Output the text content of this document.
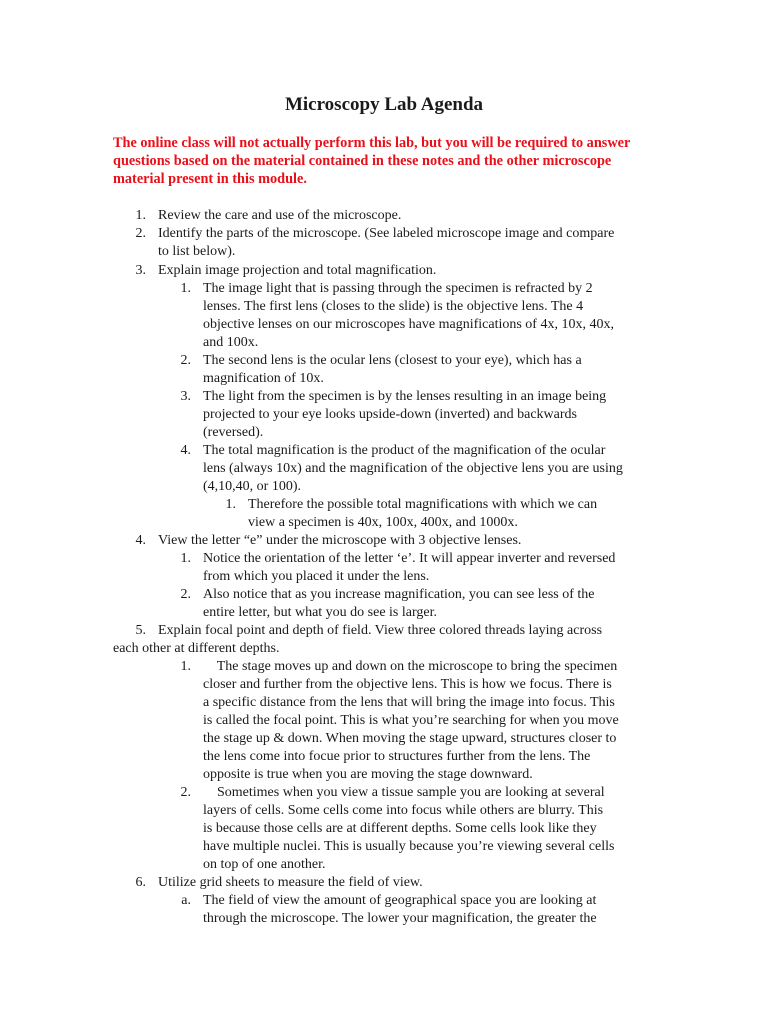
Microscopy Lab Agenda
The online class will not actually perform this lab, but you will be required to answer questions based on the material contained in these notes and the other microscope material present in this module.
1. Review the care and use of the microscope.
2. Identify the parts of the microscope. (See labeled microscope image and compare
to list below).
3. Explain image projection and total magnification.
1. The image light that is passing through the specimen is refracted by 2
lenses. The first lens (closes to the slide) is the objective lens. The 4
objective lenses on our microscopes have magnifications of 4x, 10x, 40x,
and 100x.
2. The second lens is the ocular lens (closest to your eye), which has a
magnification of 10x.
3. The light from the specimen is by the lenses resulting in an image being
projected to your eye looks upside-down (inverted) and backwards
(reversed).
4. The total magnification is the product of the magnification of the ocular
lens (always 10x) and the magnification of the objective lens you are using
(4,10,40, or 100).
1. Therefore the possible total magnifications with which we can
view a specimen is 40x, 100x, 400x, and 1000x.
4. View the letter “e” under the microscope with 3 objective lenses.
1. Notice the orientation of the letter ‘e’. It will appear inverter and reversed
from which you placed it under the lens.
2. Also notice that as you increase magnification, you can see less of the
entire letter, but what you do see is larger.
5. Explain focal point and depth of field. View three colored threads laying across
each other at different depths.
1. The stage moves up and down on the microscope to bring the specimen
closer and further from the objective lens. This is how we focus. There is
a specific distance from the lens that will bring the image into focus. This
is called the focal point. This is what you’re searching for when you move
the stage up & down. When moving the stage upward, structures closer to
the lens come into focue prior to structures further from the lens. The
opposite is true when you are moving the stage downward.
2. Sometimes when you view a tissue sample you are looking at several
layers of cells. Some cells come into focus while others are blurry. This
is because those cells are at different depths. Some cells look like they
have multiple nuclei. This is usually because you’re viewing several cells
on top of one another.
6. Utilize grid sheets to measure the field of view.
a. The field of view the amount of geographical space you are looking at
through the microscope. The lower your magnification, the greater the
